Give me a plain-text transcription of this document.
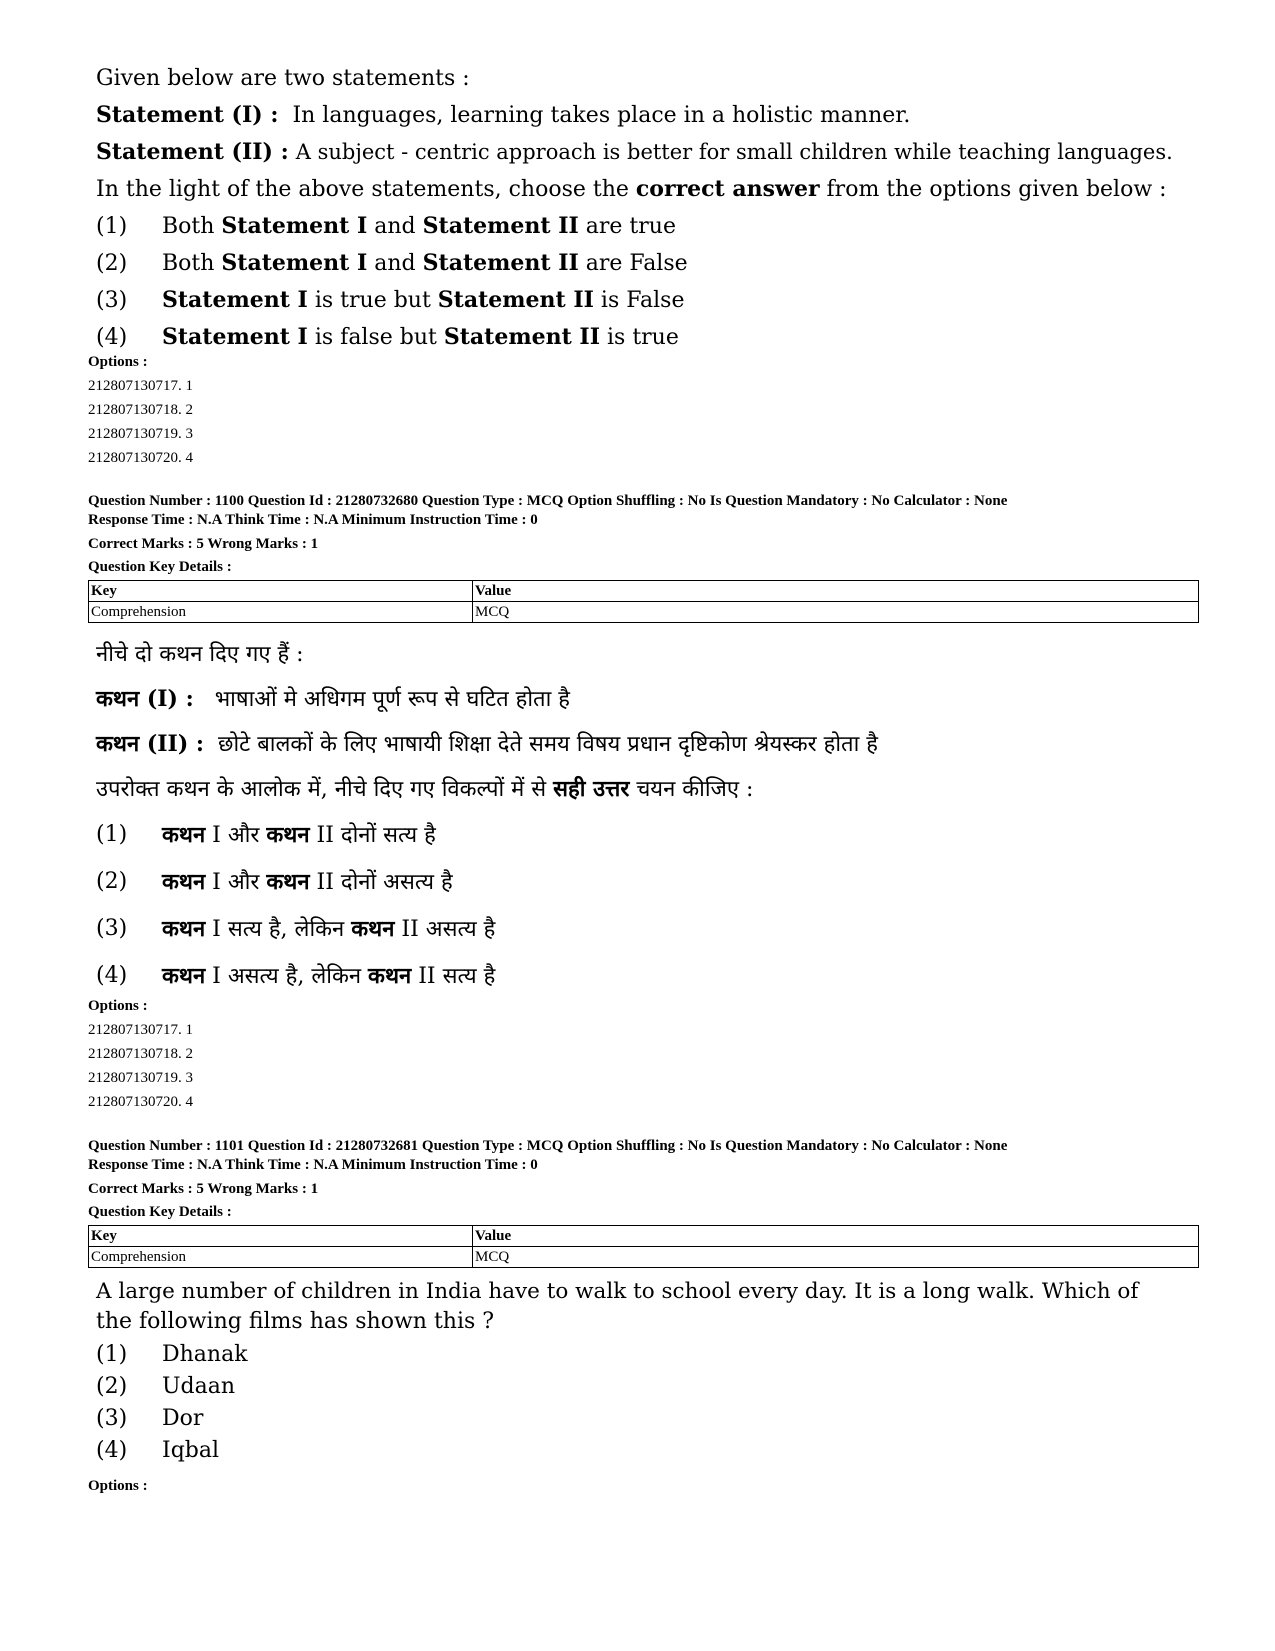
Given below are two statements :
Statement (I) : In languages, learning takes place in a holistic manner.
Statement (II) : A subject - centric approach is better for small children while teaching languages.
In the light of the above statements, choose the correct answer from the options given below :
(1)	Both Statement I and Statement II are true
(2)	Both Statement I and Statement II are False
(3)	Statement I is true but Statement II is False
(4)	Statement I is false but Statement II is true
Options :
212807130717. 1
212807130718. 2
212807130719. 3
212807130720. 4
Question Number : 1100 Question Id : 21280732680 Question Type : MCQ Option Shuffling : No Is Question Mandatory : No Calculator : None
Response Time : N.A Think Time : N.A Minimum Instruction Time : 0
Correct Marks : 5 Wrong Marks : 1
Question Key Details :
Key	Value
Comprehension	MCQ
नीचे दो कथन दिए गए हैं :
कथन (I) : भाषाओं मे अधिगम पूर्ण रूप से घटित होता है
कथन (II) : छोटे बालकों के लिए भाषायी शिक्षा देते समय विषय प्रधान दृष्टिकोण श्रेयस्कर होता है
उपरोक्त कथन के आलोक में, नीचे दिए गए विकल्पों में से सही उत्तर चयन कीजिए :
(1)	कथन I और कथन II दोनों सत्य है
(2)	कथन I और कथन II दोनों असत्य है
(3)	कथन I सत्य है, लेकिन कथन II असत्य है
(4)	कथन I असत्य है, लेकिन कथन II सत्य है
Options :
212807130717. 1
212807130718. 2
212807130719. 3
212807130720. 4
Question Number : 1101 Question Id : 21280732681 Question Type : MCQ Option Shuffling : No Is Question Mandatory : No Calculator : None
Response Time : N.A Think Time : N.A Minimum Instruction Time : 0
Correct Marks : 5 Wrong Marks : 1
Question Key Details :
Key	Value
Comprehension	MCQ
A large number of children in India have to walk to school every day. It is a long walk. Which of
the following films has shown this ?
(1)	Dhanak
(2)	Udaan
(3)	Dor
(4)	Iqbal
Options :
